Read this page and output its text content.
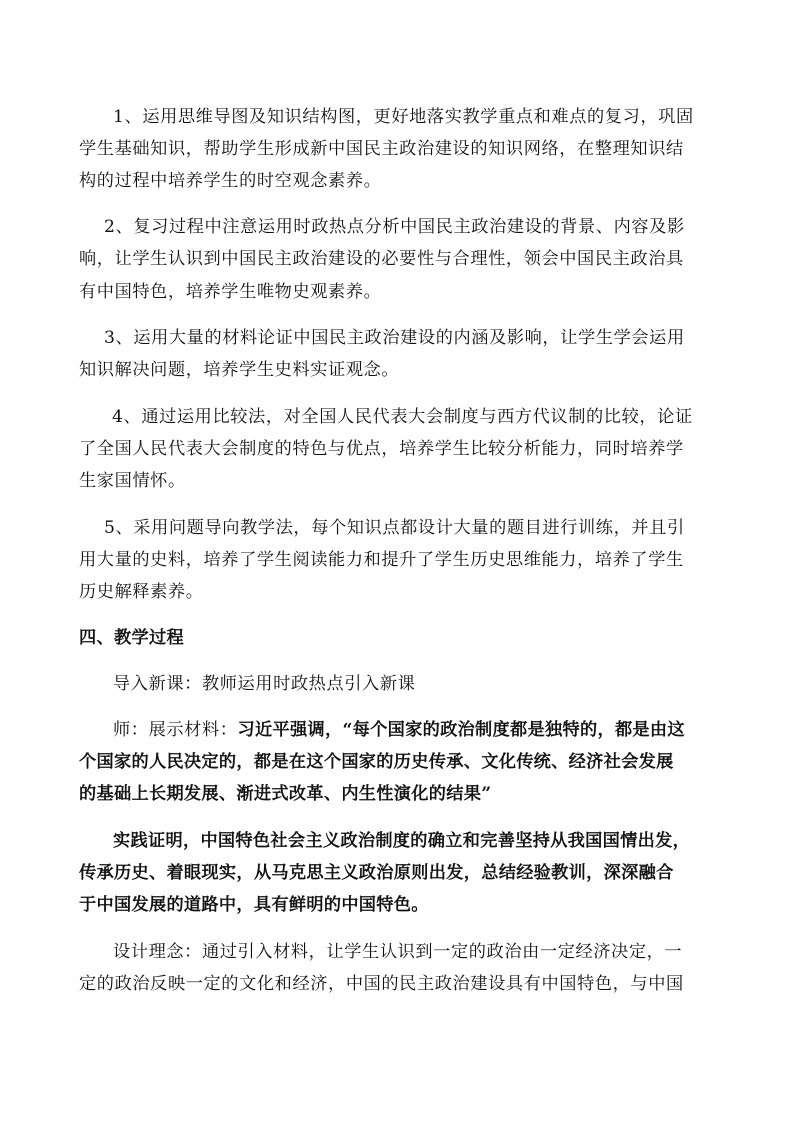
1、运用思维导图及知识结构图，更好地落实教学重点和难点的复习，巩固

学生基础知识，帮助学生形成新中国民主政治建设的知识网络，在整理知识结

构的过程中培养学生的时空观念素养。

2、复习过程中注意运用时政热点分析中国民主政治建设的背景、内容及影

响，让学生认识到中国民主政治建设的必要性与合理性，领会中国民主政治具

有中国特色，培养学生唯物史观素养。

3、运用大量的材料论证中国民主政治建设的内涵及影响，让学生学会运用

知识解决问题，培养学生史料实证观念。

4、通过运用比较法，对全国人民代表大会制度与西方代议制的比较，论证

了全国人民代表大会制度的特色与优点，培养学生比较分析能力，同时培养学

生家国情怀。

5、采用问题导向教学法，每个知识点都设计大量的题目进行训练，并且引

用大量的史料，培养了学生阅读能力和提升了学生历史思维能力，培养了学生

历史解释素养。

四、教学过程

导入新课：教师运用时政热点引入新课

师：展示材料：习近平强调，“每个国家的政治制度都是独特的，都是由这

个国家的人民决定的，都是在这个国家的历史传承、文化传统、经济社会发展

的基础上长期发展、渐进式改革、内生性演化的结果”

实践证明，中国特色社会主义政治制度的确立和完善坚持从我国国情出发，

传承历史、着眼现实，从马克思主义政治原则出发，总结经验教训，深深融合

于中国发展的道路中，具有鲜明的中国特色。

设计理念：通过引入材料，让学生认识到一定的政治由一定经济决定，一

定的政治反映一定的文化和经济，中国的民主政治建设具有中国特色，与中国
